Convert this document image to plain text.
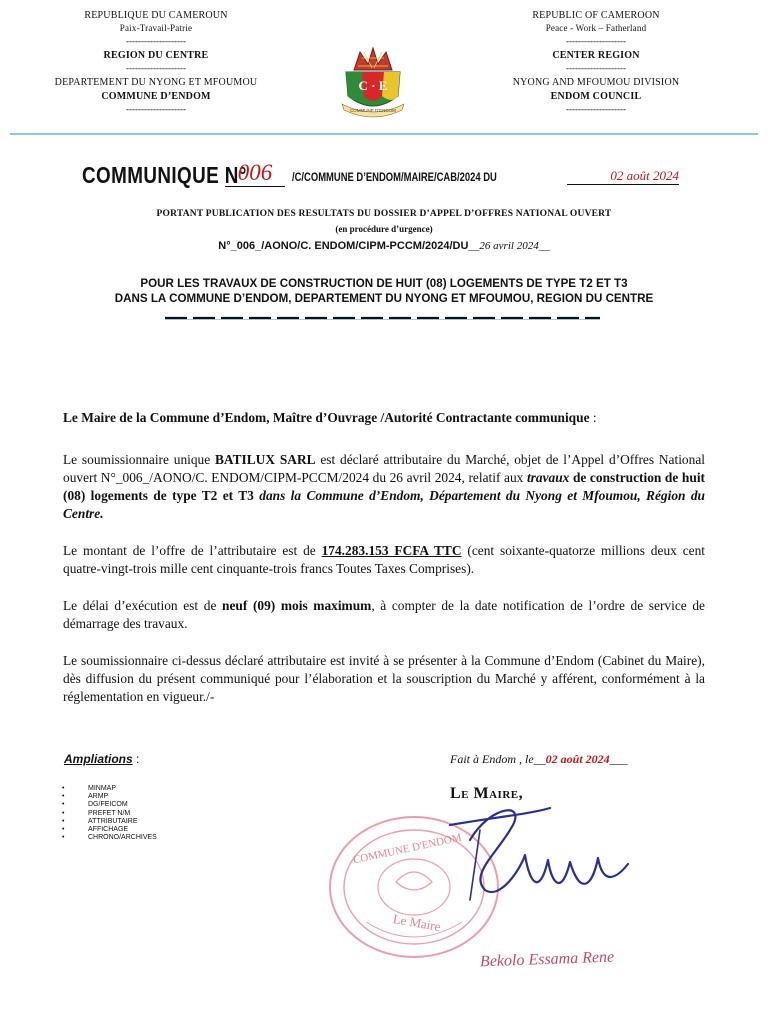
REPUBLIQUE DU CAMEROUN
Paix-Travail-Patrie
--------------------
REGION DU CENTRE
--------------------
DEPARTEMENT DU NYONG ET MFOUMOU
COMMUNE D’ENDOM
--------------------
REPUBLIC OF CAMEROON
Peace - Work – Fatherland
--------------------
CENTER REGION
--------------------
NYONG AND MFOUMOU DIVISION
ENDOM COUNCIL
--------------------
C · E
COMMUNE D'ENDOM
COMMUNIQUE N°
006	/C/COMMUNE D’ENDOM/MAIRE/CAB/2024 DU	02 août 2024
PORTANT PUBLICATION DES RESULTATS DU DOSSIER D’APPEL D’OFFRES NATIONAL OUVERT
(en procédure d’urgence)
N°_006_/AONO/C. ENDOM/CIPM-PCCM/2024/DU__26 avril 2024__
POUR LES TRAVAUX DE CONSTRUCTION DE HUIT (08) LOGEMENTS DE TYPE T2 ET T3
DANS LA COMMUNE D’ENDOM, DEPARTEMENT DU NYONG ET MFOUMOU, REGION DU CENTRE
Le Maire de la Commune d’Endom, Maître d’Ouvrage /Autorité Contractante communique :
Le soumissionnaire unique BATILUX SARL est déclaré attributaire du Marché, objet de l’Appel d’Offres National ouvert N°_006_/AONO/C. ENDOM/CIPM-PCCM/2024 du 26 avril 2024, relatif aux travaux de construction de huit (08) logements de type T2 et T3 dans la Commune d’Endom, Département du Nyong et Mfoumou, Région du Centre.
Le montant de l’offre de l’attributaire est de 174.283.153 FCFA TTC (cent soixante-quatorze millions deux cent quatre-vingt-trois mille cent cinquante-trois francs Toutes Taxes Comprises).
Le délai d’exécution est de neuf (09) mois maximum, à compter de la date notification de l’ordre de service de démarrage des travaux.
Le soumissionnaire ci-dessus déclaré attributaire est invité à se présenter à la Commune d’Endom (Cabinet du Maire), dès diffusion du présent communiqué pour l’élaboration et la souscription du Marché y afférent, conformément à la réglementation en vigueur./-
Ampliations :
• MINMAP
• ARMP
• DG/FEICOM
• PREFET N/M
• ATTRIBUTAIRE
• AFFICHAGE
• CHRONO/ARCHIVES
Fait à Endom , le__02 août 2024___
Le Maire,
COMMUNE D'ENDOM
Le Maire
Bekolo Essama Rene
